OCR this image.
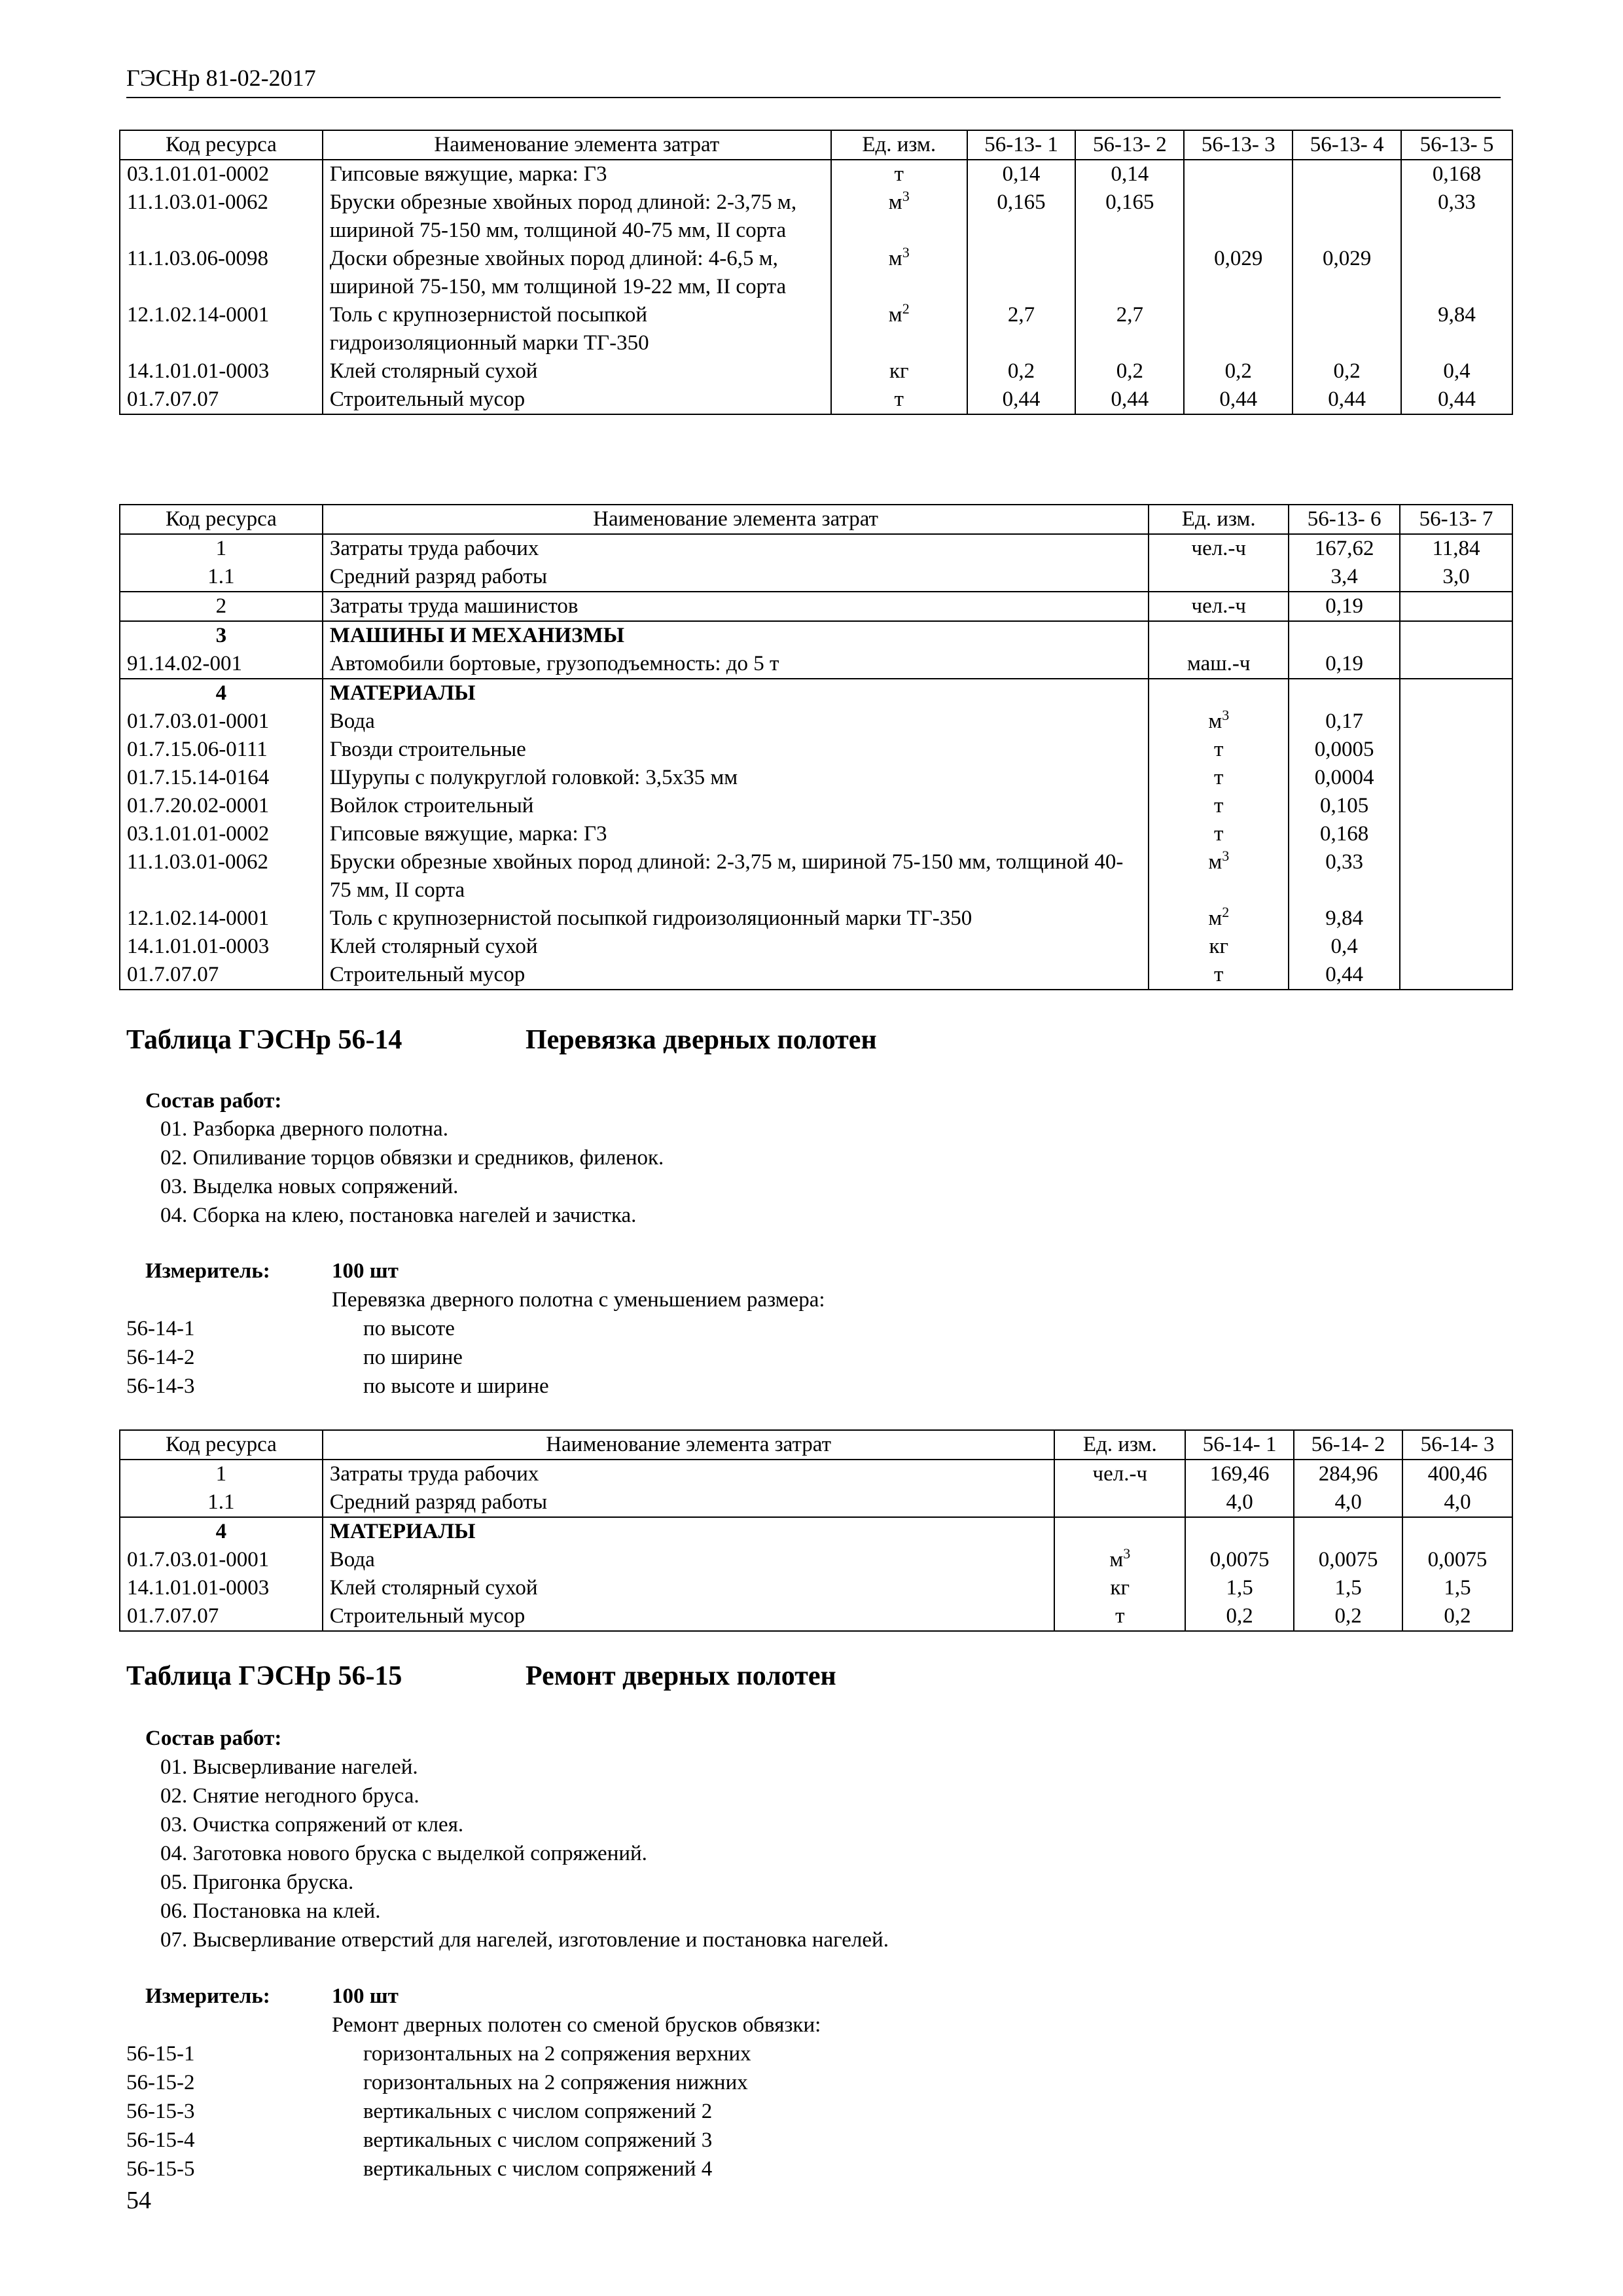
ГЭСНр 81-02-2017
Код ресурса	Наименование элемента затрат	Ед. изм.	56-13- 1	56-13- 2	56-13- 3	56-13- 4	56-13- 5
03.1.01.01-0002	Гипсовые вяжущие, марка: Г3	т	0,14	0,14			0,168
11.1.03.01-0062	Бруски обрезные хвойных пород длиной: 2-3,75 м, шириной 75-150 мм, толщиной 40-75 мм, II сорта	$м^3$	0,165	0,165			0,33
11.1.03.06-0098	Доски обрезные хвойных пород длиной: 4-6,5 м, шириной 75-150, мм толщиной 19-22 мм, II сорта	$м^3$			0,029	0,029	
12.1.02.14-0001	Толь с крупнозернистой посыпкой гидроизоляционный марки ТГ-350	$м^2$	2,7	2,7			9,84
14.1.01.01-0003	Клей столярный сухой	кг	0,2	0,2	0,2	0,2	0,4
01.7.07.07	Строительный мусор	т	0,44	0,44	0,44	0,44	0,44
Код ресурса	Наименование элемента затрат	Ед. изм.	56-13- 6	56-13- 7
1	Затраты труда рабочих	чел.-ч	167,62	11,84
1.1	Средний разряд работы		3,4	3,0
2	Затраты труда машинистов	чел.-ч	0,19	
3	МАШИНЫ И МЕХАНИЗМЫ			
91.14.02-001	Автомобили бортовые, грузоподъемность: до 5 т	маш.-ч	0,19	
4	МАТЕРИАЛЫ			
01.7.03.01-0001	Вода	$м^3$	0,17	
01.7.15.06-0111	Гвозди строительные	т	0,0005	
01.7.15.14-0164	Шурупы с полукруглой головкой: 3,5х35 мм	т	0,0004	
01.7.20.02-0001	Войлок строительный	т	0,105	
03.1.01.01-0002	Гипсовые вяжущие, марка: Г3	т	0,168	
11.1.03.01-0062	Бруски обрезные хвойных пород длиной: 2-3,75 м, шириной 75-150 мм, толщиной 40-75 мм, II сорта	$м^3$	0,33	
12.1.02.14-0001	Толь с крупнозернистой посыпкой гидроизоляционный марки ТГ-350	$м^2$	9,84	
14.1.01.01-0003	Клей столярный сухой	кг	0,4	
01.7.07.07	Строительный мусор	т	0,44	
Таблица ГЭСНр 56-14	Перевязка дверных полотен
Состав работ:
01. Разборка дверного полотна.
02. Опиливание торцов обвязки и средников, филенок.
03. Выделка новых сопряжений.
04. Сборка на клею, постановка нагелей и зачистка.
Измеритель:	100 шт
Перевязка дверного полотна с уменьшением размера:
56-14-1	по высоте
56-14-2	по ширине
56-14-3	по высоте и ширине
Код ресурса	Наименование элемента затрат	Ед. изм.	56-14- 1	56-14- 2	56-14- 3
1	Затраты труда рабочих	чел.-ч	169,46	284,96	400,46
1.1	Средний разряд работы		4,0	4,0	4,0
4	МАТЕРИАЛЫ				
01.7.03.01-0001	Вода	$м^3$	0,0075	0,0075	0,0075
14.1.01.01-0003	Клей столярный сухой	кг	1,5	1,5	1,5
01.7.07.07	Строительный мусор	т	0,2	0,2	0,2
Таблица ГЭСНр 56-15	Ремонт дверных полотен
Состав работ:
01. Высверливание нагелей.
02. Снятие негодного бруса.
03. Очистка сопряжений от клея.
04. Заготовка нового бруска с выделкой сопряжений.
05. Пригонка бруска.
06. Постановка на клей.
07. Высверливание отверстий для нагелей, изготовление и постановка нагелей.
Измеритель:	100 шт
Ремонт дверных полотен со сменой брусков обвязки:
56-15-1	горизонтальных на 2 сопряжения верхних
56-15-2	горизонтальных на 2 сопряжения нижних
56-15-3	вертикальных с числом сопряжений 2
56-15-4	вертикальных с числом сопряжений 3
56-15-5	вертикальных с числом сопряжений 4
54
